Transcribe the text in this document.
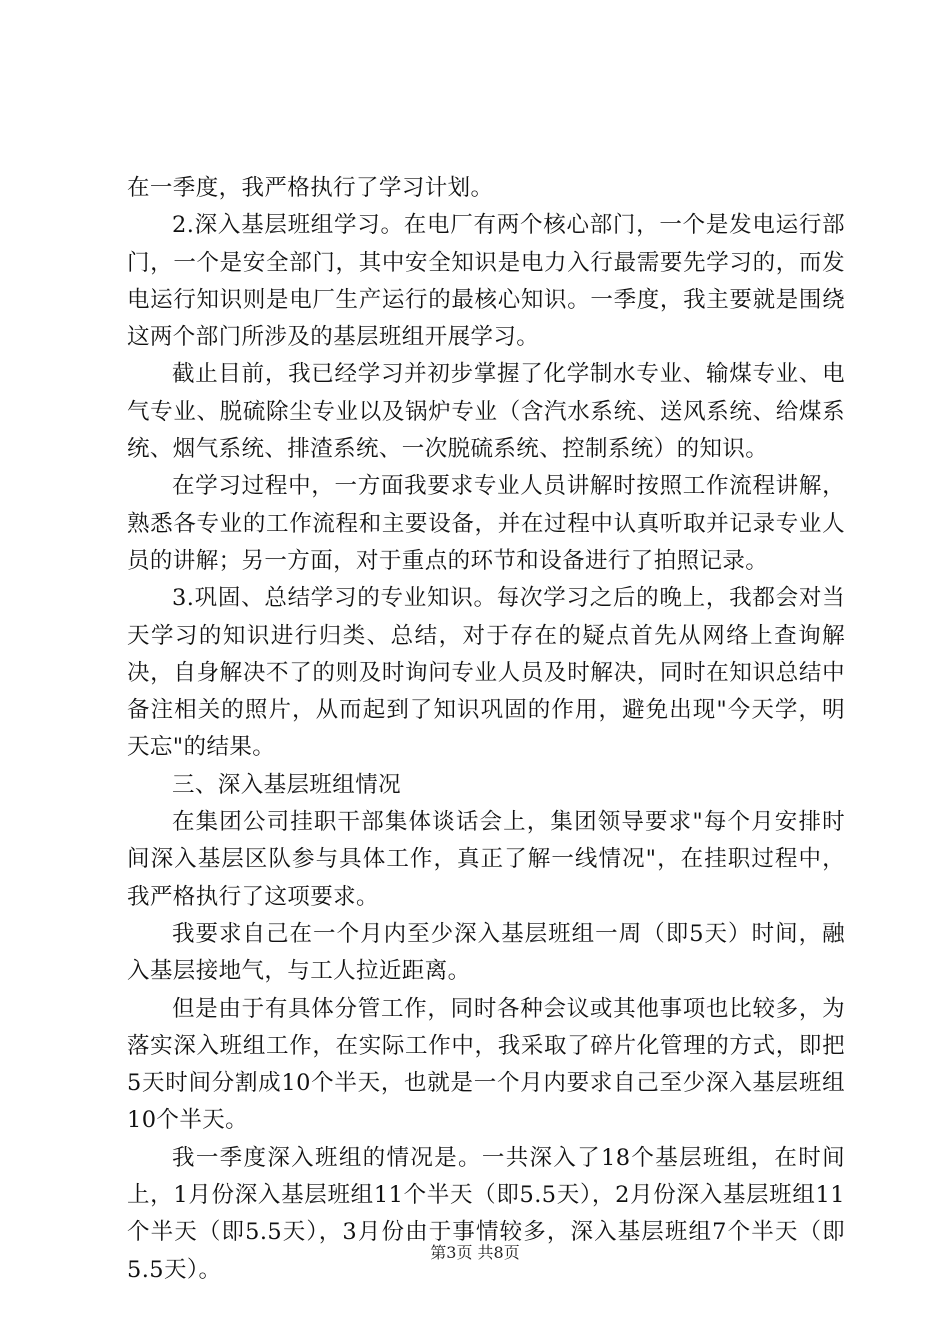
在一季度，我严格执行了学习计划。

2.深入基层班组学习。在电厂有两个核心部门，一个是发电运行部门，一个是安全部门，其中安全知识是电力入行最需要先学习的，而发电运行知识则是电厂生产运行的最核心知识。一季度，我主要就是围绕这两个部门所涉及的基层班组开展学习。

截止目前，我已经学习并初步掌握了化学制水专业、输煤专业、电气专业、脱硫除尘专业以及锅炉专业（含汽水系统、送风系统、给煤系统、烟气系统、排渣系统、一次脱硫系统、控制系统）的知识。

在学习过程中，一方面我要求专业人员讲解时按照工作流程讲解，熟悉各专业的工作流程和主要设备，并在过程中认真听取并记录专业人员的讲解；另一方面，对于重点的环节和设备进行了拍照记录。

3.巩固、总结学习的专业知识。每次学习之后的晚上，我都会对当天学习的知识进行归类、总结，对于存在的疑点首先从网络上查询解决，自身解决不了的则及时询问专业人员及时解决，同时在知识总结中备注相关的照片，从而起到了知识巩固的作用，避免出现"今天学，明天忘"的结果。

三、深入基层班组情况

在集团公司挂职干部集体谈话会上，集团领导要求"每个月安排时间深入基层区队参与具体工作，真正了解一线情况"，在挂职过程中，我严格执行了这项要求。

我要求自己在一个月内至少深入基层班组一周（即5天）时间，融入基层接地气，与工人拉近距离。

但是由于有具体分管工作，同时各种会议或其他事项也比较多，为落实深入班组工作，在实际工作中，我采取了碎片化管理的方式，即把5天时间分割成10个半天，也就是一个月内要求自己至少深入基层班组10个半天。

我一季度深入班组的情况是。一共深入了18个基层班组，在时间上，1月份深入基层班组11个半天（即5.5天），2月份深入基层班组11个半天（即5.5天），3月份由于事情较多，深入基层班组7个半天（即5.5天）。

第3页 共8页
